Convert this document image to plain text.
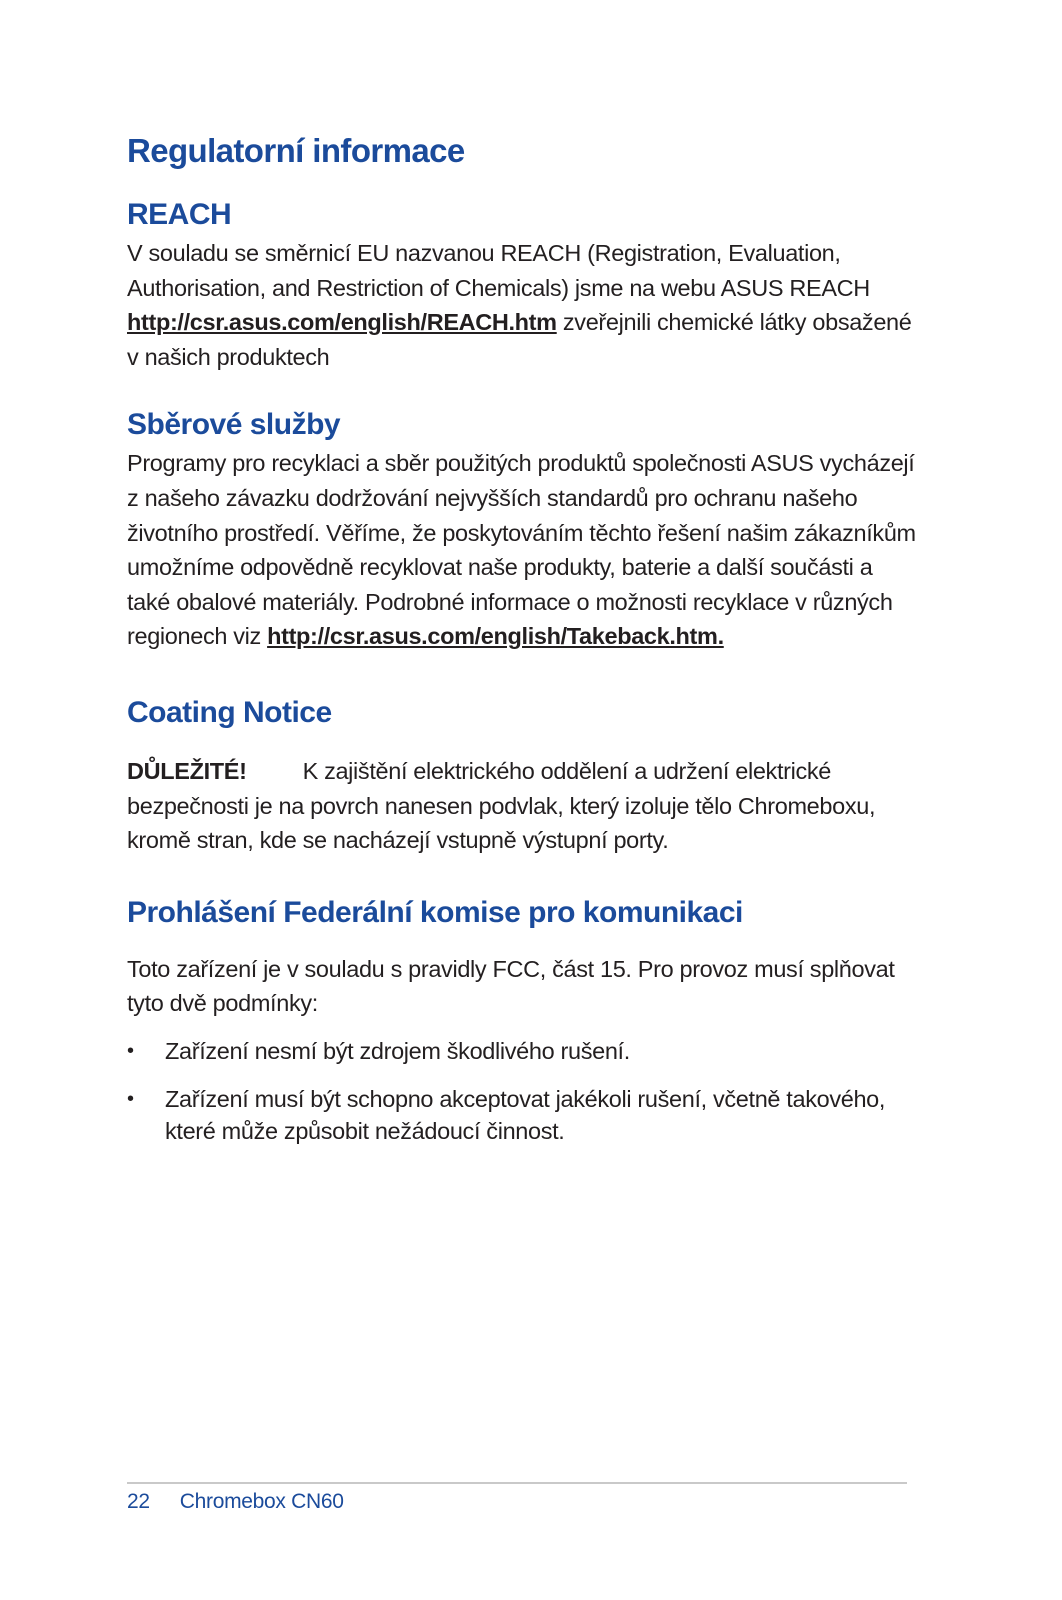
Regulatorní informace
REACH

V souladu se směrnicí EU nazvanou REACH (Registration, Evaluation, Authorisation, and Restriction of Chemicals) jsme na webu ASUS REACH http://csr.asus.com/english/REACH.htm zveřejnili chemické látky obsažené v našich produktech

Sběrové služby

Programy pro recyklaci a sběr použitých produktů společnosti ASUS vycházejí z našeho závazku dodržování nejvyšších standardů pro ochranu našeho životního prostředí. Věříme, že poskytováním těchto řešení našim zákazníkům umožníme odpovědně recyklovat naše produkty, baterie a další součásti a také obalové materiály. Podrobné informace o možnosti recyklace v různých regionech viz http://csr.asus.com/english/Takeback.htm.

Coating Notice

DŮLEŽITÉ! K zajištění elektrického oddělení a udržení elektrické bezpečnosti je na povrch nanesen podvlak, který izoluje tělo Chromeboxu, kromě stran, kde se nacházejí vstupně výstupní porty.

Prohlášení Federální komise pro komunikaci

Toto zařízení je v souladu s pravidly FCC, část 15. Pro provoz musí splňovat tyto dvě podmínky:

• Zařízení nesmí být zdrojem škodlivého rušení.
• Zařízení musí být schopno akceptovat jakékoli rušení, včetně takového, které může způsobit nežádoucí činnost.
22 Chromebox CN60
